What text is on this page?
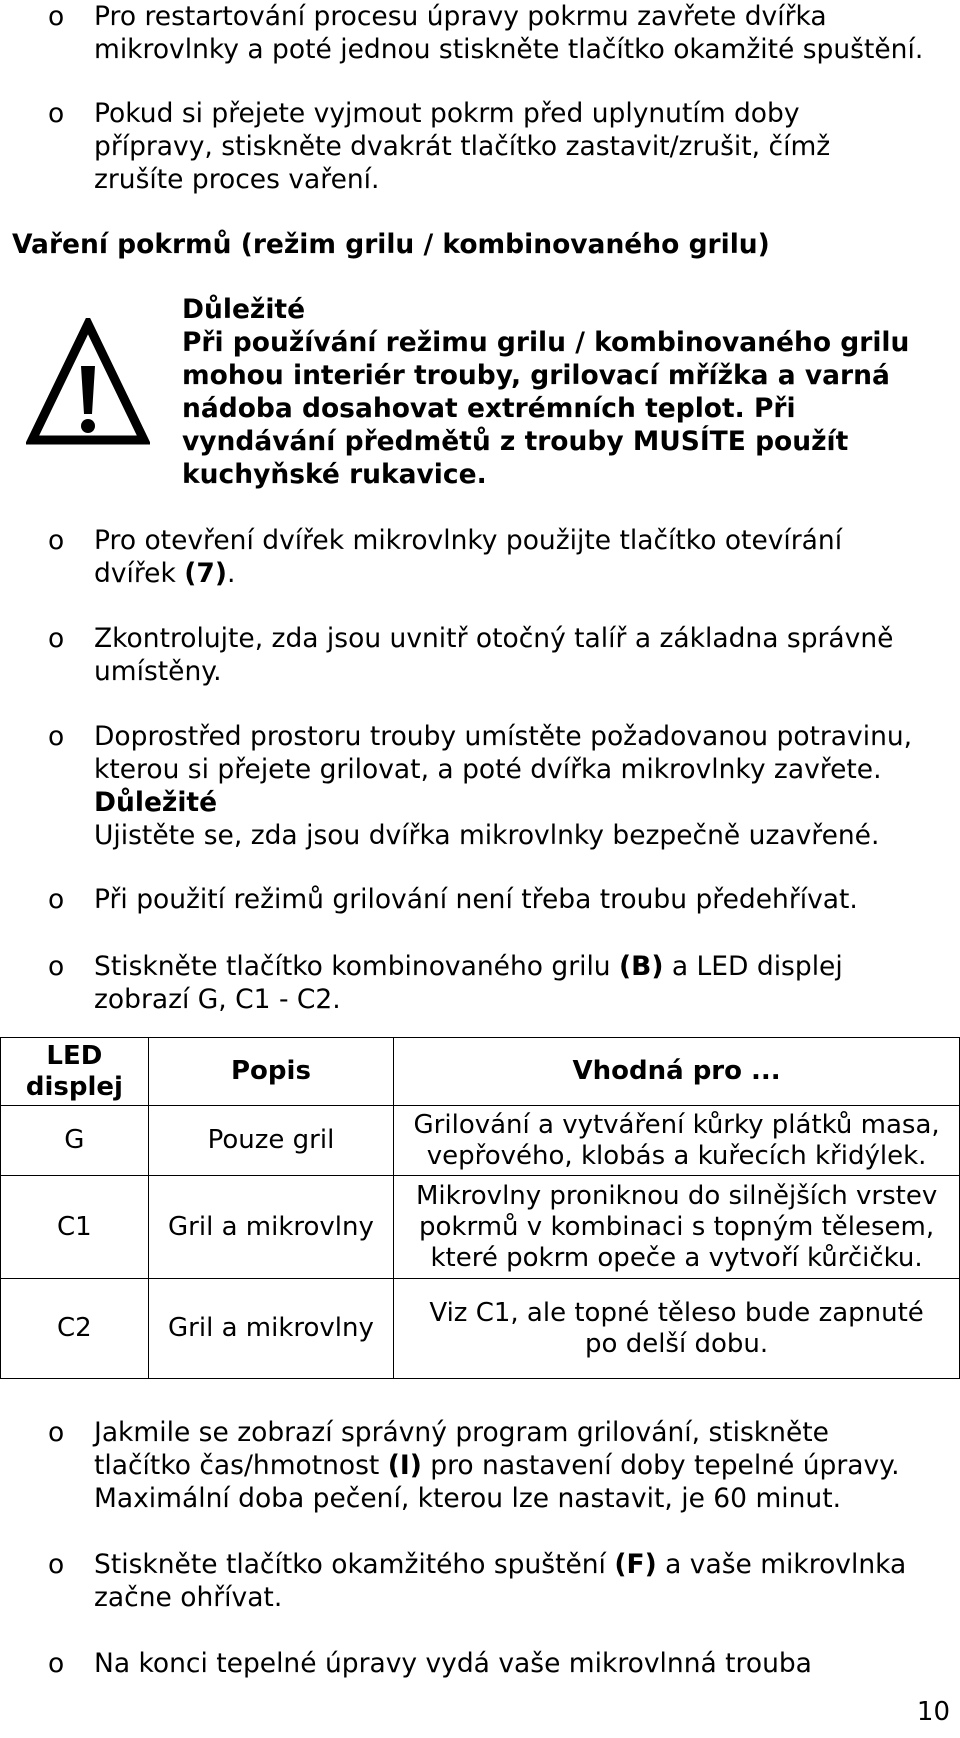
o Pro restartování procesu úpravy pokrmu zavřete dvířka
mikrovlnky a poté jednou stiskněte tlačítko okamžité spuštění.
o Pokud si přejete vyjmout pokrm před uplynutím doby
přípravy, stiskněte dvakrát tlačítko zastavit/zrušit, čímž
zrušíte proces vaření.
Vaření pokrmů (režim grilu / kombinovaného grilu)
Důležité
Při používání režimu grilu / kombinovaného grilu
mohou interiér trouby, grilovací mřížka a varná
nádoba dosahovat extrémních teplot. Při
vyndávání předmětů z trouby MUSÍTE použít
kuchyňské rukavice.
o Pro otevření dvířek mikrovlnky použijte tlačítko otevírání
dvířek (7).
o Zkontrolujte, zda jsou uvnitř otočný talíř a základna správně
umístěny.
o Doprostřed prostoru trouby umístěte požadovanou potravinu,
kterou si přejete grilovat, a poté dvířka mikrovlnky zavřete.
Důležité
Ujistěte se, zda jsou dvířka mikrovlnky bezpečně uzavřené.
o Při použití režimů grilování není třeba troubu předehřívat.
o Stiskněte tlačítko kombinovaného grilu (B) a LED displej
zobrazí G, C1 - C2.
LED
displej	Popis	Vhodná pro ...
G	Pouze gril	Grilování a vytváření kůrky plátků masa,
vepřového, klobás a kuřecích křidýlek.

C1	Gril a mikrovlny	Mikrovlny proniknou do silnějších vrstev
pokrmů v kombinaci s topným tělesem,
které pokrm opeče a vytvoří kůrčičku.

C2	Gril a mikrovlny	Viz C1, ale topné těleso bude zapnuté
po delší dobu.
o Jakmile se zobrazí správný program grilování, stiskněte
tlačítko čas/hmotnost (I) pro nastavení doby tepelné úpravy.
Maximální doba pečení, kterou lze nastavit, je 60 minut.
o Stiskněte tlačítko okamžitého spuštění (F) a vaše mikrovlnka
začne ohřívat.
o Na konci tepelné úpravy vydá vaše mikrovlnná trouba
10
